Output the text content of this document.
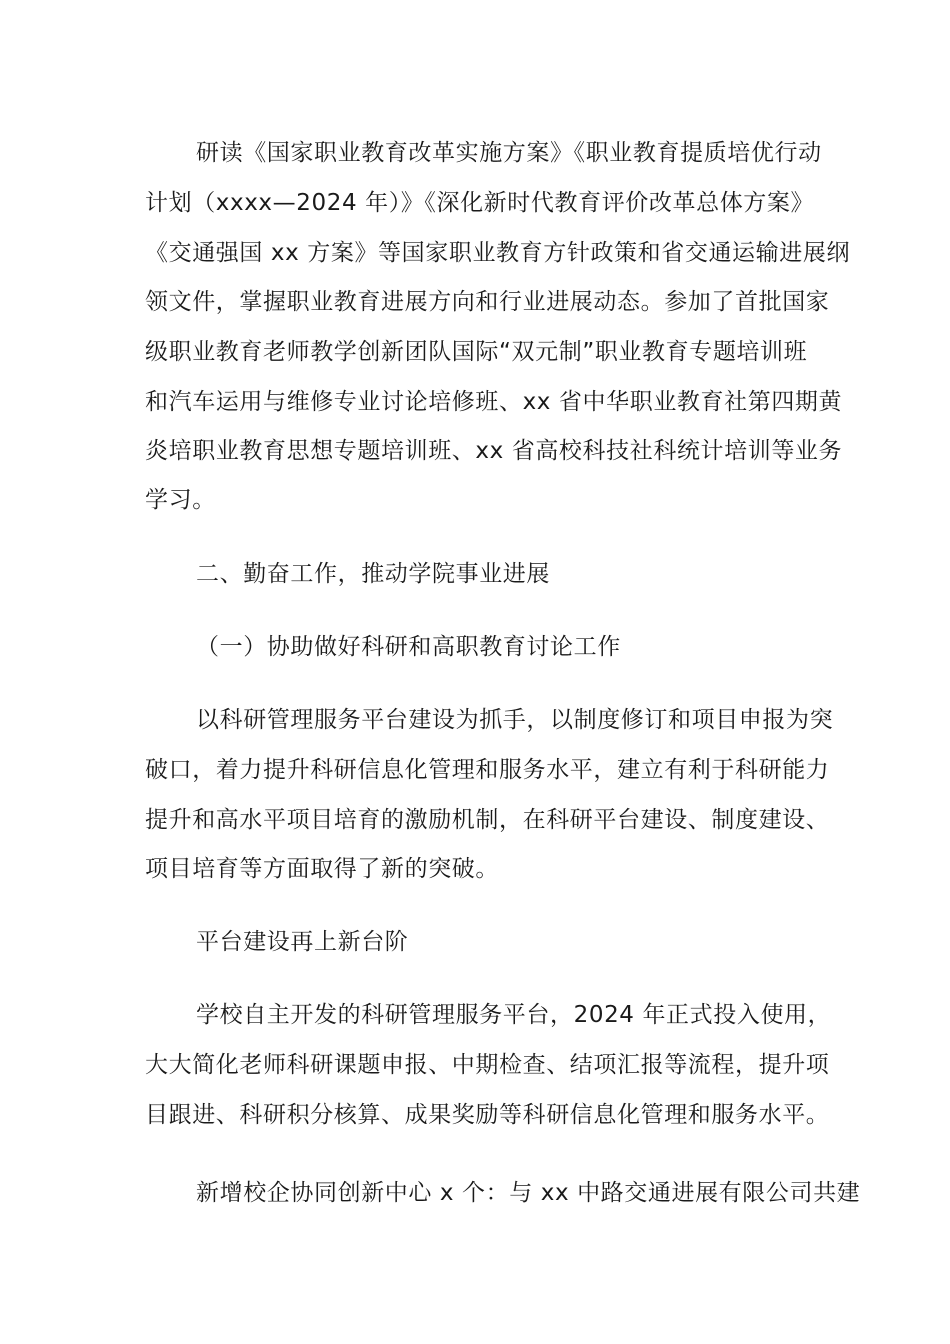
研读《国家职业教育改革实施方案》《职业教育提质培优行动
计划（xxxx—2024 年）》《深化新时代教育评价改革总体方案》
《交通强国 xx 方案》等国家职业教育方针政策和省交通运输进展纲
领文件，掌握职业教育进展方向和行业进展动态。参加了首批国家
级职业教育老师教学创新团队国际“双元制”职业教育专题培训班
和汽车运用与维修专业讨论培修班、xx 省中华职业教育社第四期黄
炎培职业教育思想专题培训班、xx 省高校科技社科统计培训等业务
学习。
二、勤奋工作，推动学院事业进展
（一）协助做好科研和高职教育讨论工作
以科研管理服务平台建设为抓手，以制度修订和项目申报为突
破口，着力提升科研信息化管理和服务水平，建立有利于科研能力
提升和高水平项目培育的激励机制，在科研平台建设、制度建设、
项目培育等方面取得了新的突破。
平台建设再上新台阶
学校自主开发的科研管理服务平台，2024 年正式投入使用，
大大简化老师科研课题申报、中期检查、结项汇报等流程，提升项
目跟进、科研积分核算、成果奖励等科研信息化管理和服务水平。
新增校企协同创新中心 x 个：与 xx 中路交通进展有限公司共建
